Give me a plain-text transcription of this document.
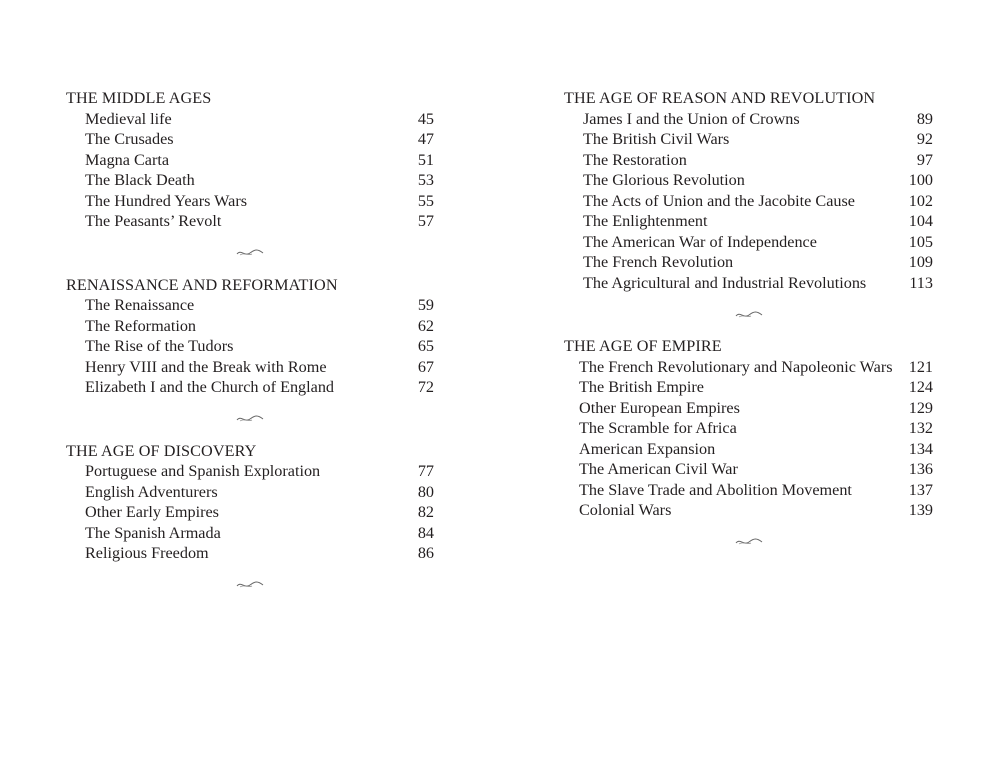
THE MIDDLE AGES
Medieval life	45
The Crusades	47
Magna Carta	51
The Black Death	53
The Hundred Years Wars	55
The Peasants’ Revolt	57
RENAISSANCE AND REFORMATION
The Renaissance	59
The Reformation	62
The Rise of the Tudors	65
Henry VIII and the Break with Rome	67
Elizabeth I and the Church of England	72
THE AGE OF DISCOVERY
Portuguese and Spanish Exploration	77
English Adventurers	80
Other Early Empires	82
The Spanish Armada	84
Religious Freedom	86
THE AGE OF REASON AND REVOLUTION
James I and the Union of Crowns	89
The British Civil Wars	92
The Restoration	97
The Glorious Revolution	100
The Acts of Union and the Jacobite Cause	102
The Enlightenment	104
The American War of Independence	105
The French Revolution	109
The Agricultural and Industrial Revolutions	113
THE AGE OF EMPIRE
The French Revolutionary and Napoleonic Wars 121
The British Empire	124
Other European Empires	129
The Scramble for Africa	132
American Expansion	134
The American Civil War	136
The Slave Trade and Abolition Movement	137
Colonial Wars	139
